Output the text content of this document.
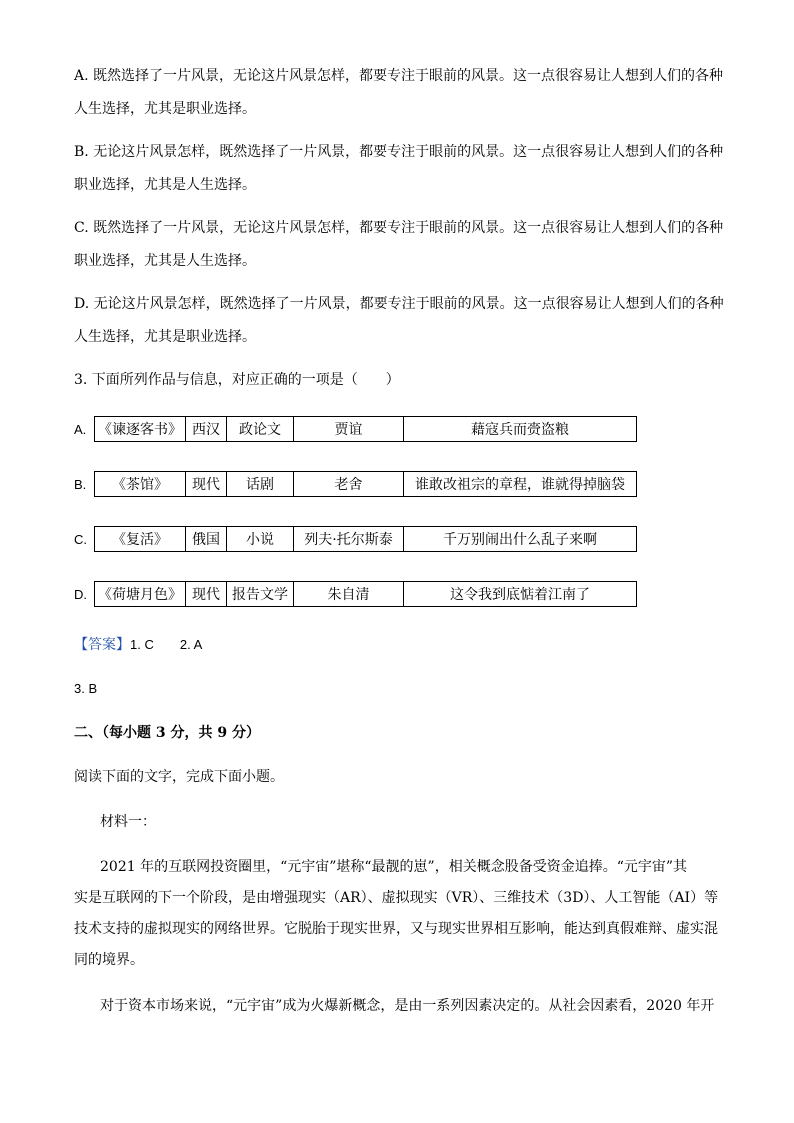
A. 既然选择了一片风景，无论这片风景怎样，都要专注于眼前的风景。这一点很容易让人想到人们的各种
人生选择，尤其是职业选择。
B. 无论这片风景怎样，既然选择了一片风景，都要专注于眼前的风景。这一点很容易让人想到人们的各种
职业选择，尤其是人生选择。
C. 既然选择了一片风景，无论这片风景怎样，都要专注于眼前的风景。这一点很容易让人想到人们的各种
职业选择，尤其是人生选择。
D. 无论这片风景怎样，既然选择了一片风景，都要专注于眼前的风景。这一点很容易让人想到人们的各种
人生选择，尤其是职业选择。
3. 下面所列作品与信息，对应正确的一项是（　　）
A. 《谏逐客书》	西汉	政论文	贾谊	藉寇兵而赍盗粮
B. 《茶馆》	现代	话剧	老舍	谁敢改祖宗的章程，谁就得掉脑袋
C. 《复活》	俄国	小说	列夫·托尔斯泰	千万别闹出什么乱子来啊
D. 《荷塘月色》	现代	报告文学	朱自清	这令我到底惦着江南了
【答案】1. C 2. A
3. B
二、（每小题 3 分，共 9 分）
阅读下面的文字，完成下面小题。
材料一：
2021 年的互联网投资圈里，“元宇宙”堪称“最靓的崽”，相关概念股备受资金追捧。“元宇宙”其
实是互联网的下一个阶段，是由增强现实（AR）、虚拟现实（VR）、三维技术（3D）、人工智能（AI）等
技术支持的虚拟现实的网络世界。它脱胎于现实世界，又与现实世界相互影响，能达到真假难辩、虚实混
同的境界。
对于资本市场来说，“元宇宙”成为火爆新概念，是由一系列因素决定的。从社会因素看，2020 年开
